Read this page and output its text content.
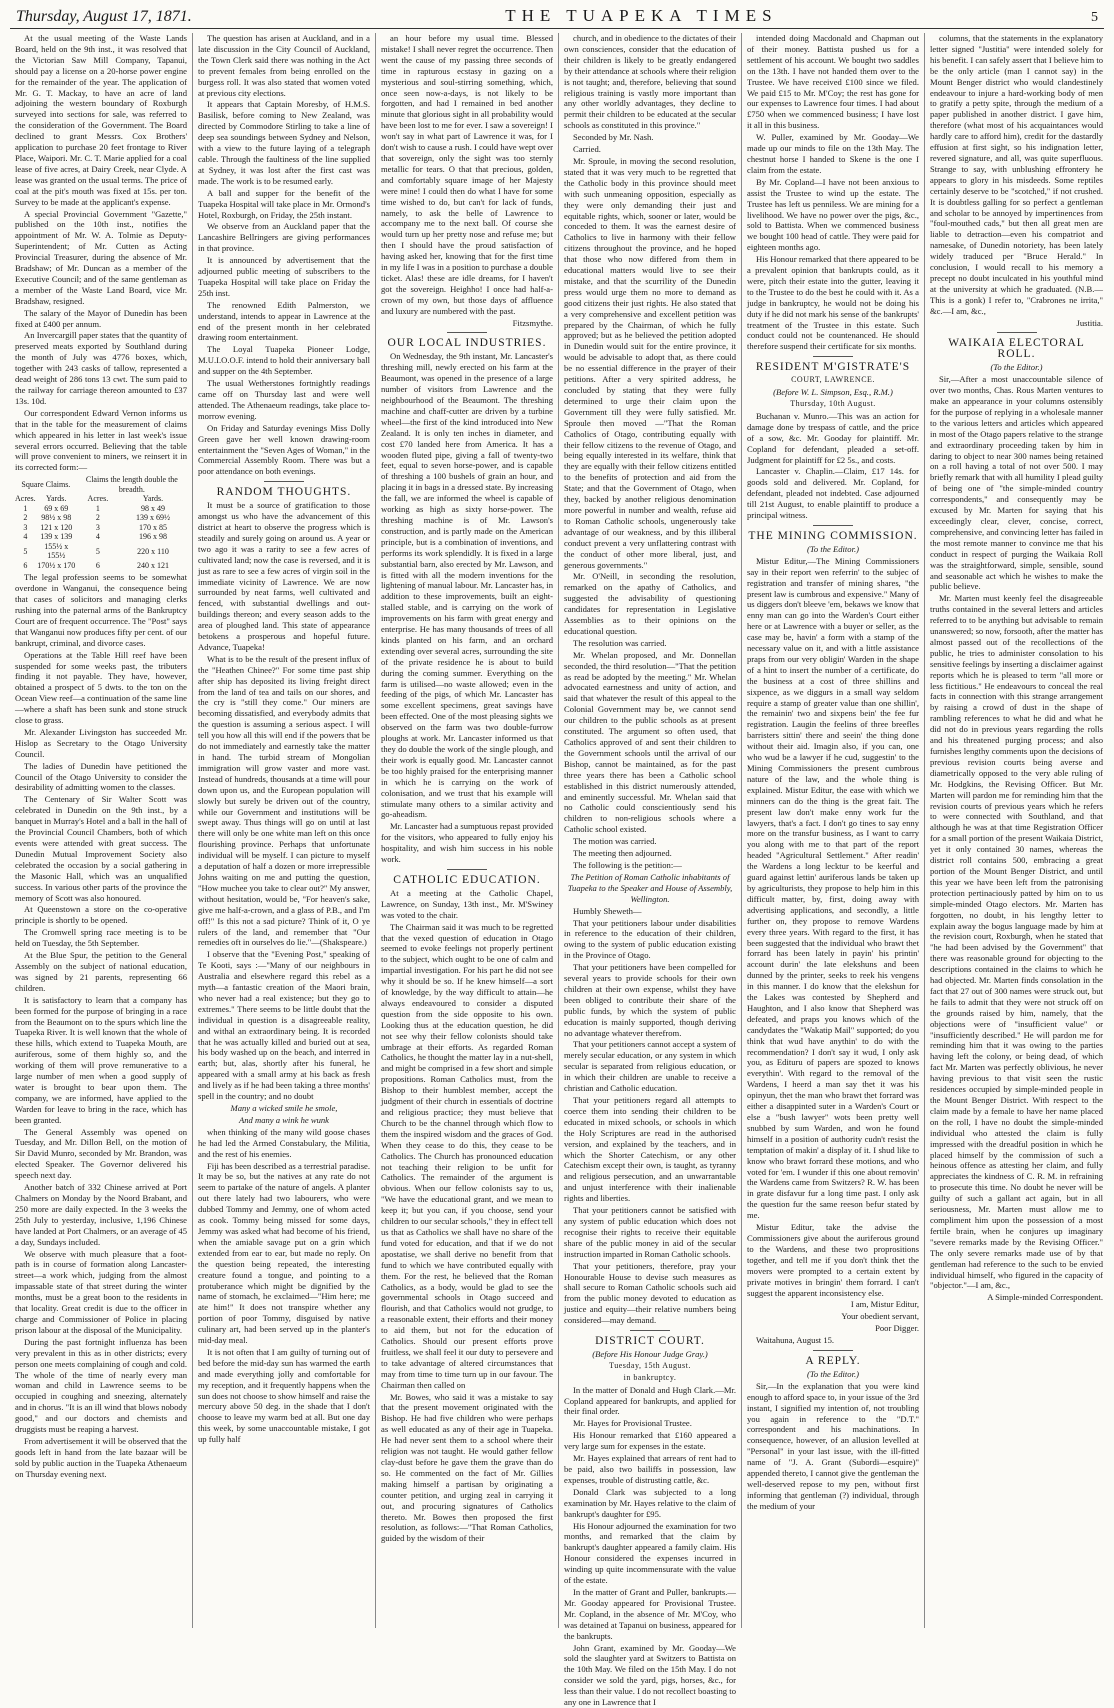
Thursday, August 17, 1871.	THE TUAPEKA TIMES	5

At the usual meeting of the Waste Lands Board, held on the 9th inst., it was resolved that the Victorian Saw Mill Company, Tapanui, should pay a license on a 20-horse power engine for the remainder of the year. The application of Mr. G. T. Mackay, to have an acre of land adjoining the western boundary of Roxburgh surveyed into sections for sale, was referred to the consideration of the Government. The Board declined to grant Messrs. Cox Brothers' application to purchase 20 feet frontage to River Place, Waipori. Mr. C. T. Marie applied for a coal lease of five acres, at Dairy Creek, near Clyde. A lease was granted on the usual terms. The price of coal at the pit's mouth was fixed at 15s. per ton. Survey to be made at the applicant's expense.

A special Provincial Government "Gazette," published on the 10th inst., notifies the appointment of Mr. W. A. Tolmie as Deputy-Superintendent; of Mr. Cutten as Acting Provincial Treasurer, during the absence of Mr. Bradshaw; of Mr. Duncan as a member of the Executive Council; and of the same gentleman as a member of the Waste Land Board, vice Mr. Bradshaw, resigned.

The salary of the Mayor of Dunedin has been fixed at £400 per annum.

An Invercargill paper states that the quantity of preserved meats exported by Southland during the month of July was 4776 boxes, which, together with 243 casks of tallow, represented a dead weight of 286 tons 13 cwt. The sum paid to the railway for carriage thereon amounted to £37 13s. 10d.

Our correspondent Edward Vernon informs us that in the table for the measurement of claims which appeared in his letter in last week's issue several errors occurred. Believing that the table will prove convenient to miners, we reinsert it in its corrected form:—

Square Claims.		Claims the length double the breadth.	
Acres.	Yards.	Acres.	Yards.
1	69 x 69	1	98 x 49
2	98½ x 98	2	139 x 69½
3	121 x 120	3	170 x 85
4	139 x 139	4	196 x 98
5	155½ x 155½	5	220 x 110
6	170½ x 170	6	240 x 121

The legal profession seems to be somewhat overdone in Wanganui, the consequence being that cases of solicitors and managing clerks rushing into the paternal arms of the Bankruptcy Court are of frequent occurrence. The "Post" says that Wanganui now produces fifty per cent. of our bankrupt, criminal, and divorce cases.

Operations at the Table Hill reef have been suspended for some weeks past, the tributers finding it not payable. They have, however, obtained a prospect of 5 dwts. to the ton on the Ocean View reef—a continuation of the same line—where a shaft has been sunk and stone struck close to grass.

Mr. Alexander Livingston has succeeded Mr. Hislop as Secretary to the Otago University Council.

The ladies of Dunedin have petitioned the Council of the Otago University to consider the desirability of admitting women to the classes.

The Centenary of Sir Walter Scott was celebrated in Dunedin on the 9th inst., by a banquet in Murray's Hotel and a ball in the hall of the Provincial Council Chambers, both of which events were attended with great success. The Dunedin Mutual Improvement Society also celebrated the occasion by a social gathering in the Masonic Hall, which was an unqualified success. In various other parts of the province the memory of Scott was also honoured.

At Queenstown a store on the co-operative principle is shortly to be opened.

The Cromwell spring race meeting is to be held on Tuesday, the 5th September.

At the Blue Spur, the petition to the General Assembly on the subject of national education, was signed by 21 parents, representing 66 children.

It is satisfactory to learn that a company has been formed for the purpose of bringing in a race from the Beaumont on to the spurs which line the Tuapeka River. It is well known that the whole of these hills, which extend to Tuapeka Mouth, are auriferous, some of them highly so, and the working of them will prove remunerative to a large number of men when a good supply of water is brought to bear upon them. The company, we are informed, have applied to the Warden for leave to bring in the race, which has been granted.

The General Assembly was opened on Tuesday, and Mr. Dillon Bell, on the motion of Sir David Munro, seconded by Mr. Brandon, was elected Speaker. The Governor delivered his speech next day.

Another batch of 332 Chinese arrived at Port Chalmers on Monday by the Noord Brabant, and 250 more are daily expected. In the 3 weeks the 25th July to yesterday, inclusive, 1,196 Chinese have landed at Port Chalmers, or an average of 45 a day, Sundays included.

We observe with much pleasure that a foot-path is in course of formation along Lancaster-street—a work which, judging from the almost impassable state of that street during the winter months, must be a great boon to the residents in that locality. Great credit is due to the officer in charge and Commissioner of Police in placing prison labour at the disposal of the Municipality.

During the past fortnight influenza has been very prevalent in this as in other districts; every person one meets complaining of cough and cold. The whole of the time of nearly every man woman and child in Lawrence seems to be occupied in coughing and sneezing, alternately and in chorus. "It is an ill wind that blows nobody good," and our doctors and chemists and druggists must be reaping a harvest.

From advertisement it will be observed that the goods left in hand from the late bazaar will be sold by public auction in the Tuapeka Athenaeum on Thursday evening next.

The question has arisen at Auckland, and in a late discussion in the City Council of Auckland, the Town Clerk said there was nothing in the Act to prevent females from being enrolled on the burgess roll. It was also stated that women voted at previous city elections.

It appears that Captain Moresby, of H.M.S. Basilisk, before coming to New Zealand, was directed by Commodore Stirling to take a line of deep sea soundings between Sydney and Nelson, with a view to the future laying of a telegraph cable. Through the faultiness of the line supplied at Sydney, it was lost after the first cast was made. The work is to be resumed early.

A ball and supper for the benefit of the Tuapeka Hospital will take place in Mr. Ormond's Hotel, Roxburgh, on Friday, the 25th instant.

We observe from an Auckland paper that the Lancashire Bellringers are giving performances in that province.

It is announced by advertisement that the adjourned public meeting of subscribers to the Tuapeka Hospital will take place on Friday the 25th inst.

The renowned Edith Palmerston, we understand, intends to appear in Lawrence at the end of the present month in her celebrated drawing room entertainment.

The Loyal Tuapeka Pioneer Lodge, M.U.I.O.O.F. intend to hold their anniversary ball and supper on the 4th September.

The usual Wetherstones fortnightly readings came off on Thursday last and were well attended. The Athenaeum readings, take place to-morrow evening.

On Friday and Saturday evenings Miss Dolly Green gave her well known drawing-room entertainment the "Seven Ages of Woman," in the Commercial Assembly Room. There was but a poor attendance on both evenings.

RANDOM THOUGHTS.

It must be a source of gratification to those amongst us who have the advancement of this district at heart to observe the progress which is steadily and surely going on around us. A year or two ago it was a rarity to see a few acres of cultivated land; now the case is reversed, and it is just as rare to see a few acres of virgin soil in the immediate vicinity of Lawrence. We are now surrounded by neat farms, well cultivated and fenced, with substantial dwellings and out-buildings thereon; and every season adds to the area of ploughed land. This state of appearance betokens a prosperous and hopeful future. Advance, Tuapeka!

What is to be the result of the present influx of the "Heathen Chinee?" For some time past ship after ship has deposited its living freight direct from the land of tea and tails on our shores, and the cry is "still they come." Our miners are becoming dissatisfied, and everybody admits that the question is assuming a serious aspect. I will tell you how all this will end if the powers that be do not immediately and earnestly take the matter in hand. The turbid stream of Mongolian immigration will grow vaster and more vast. Instead of hundreds, thousands at a time will pour down upon us, and the European population will slowly but surely be driven out of the country, while our Government and institutions will be swept away. Thus things will go on until at last there will only be one white man left on this once flourishing province. Perhaps that unfortunate individual will be myself. I can picture to myself a deputation of half a dozen or more irrepressible Johns waiting on me and putting the question, "How muchee you take to clear out?" My answer, without hesitation, would be, "For heaven's sake, give me half-a-crown, and a glass of P.B., and I'm off!" Is this not a sad picture? Think of it, O ye rulers of the land, and remember that "Our remedies oft in ourselves do lie."—(Shakspeare.)

I observe that the "Evening Post," speaking of Te Kooti, says :—"Many of our neighbours in Australia and elsewhere regard this rebel as a myth—a fantastic creation of the Maori brain, who never had a real existence; but they go to extremes." There seems to be little doubt that the individual in question is a disagreeable reality, and withal an extraordinary being. It is recorded that he was actually killed and buried out at sea, his body washed up on the beach, and interred in earth; but, alas, shortly after his funeral, he appeared with a small army at his back as fresh and lively as if he had been taking a three months' spell in the country; and no doubt

Many a wicked smile he smole,
And many a wink he wunk

when thinking of the many wild goose chases he had led the Armed Constabulary, the Militia, and the rest of his enemies.

Fiji has been described as a terrestrial paradise. It may be so, but the natives at any rate do not seem to partake of the nature of angels. A planter out there lately had two labourers, who were dubbed Tommy and Jemmy, one of whom acted as cook. Tommy being missed for some days, Jemmy was asked what had become of his friend, when the amiable savage put on a grin which extended from ear to ear, but made no reply. On the question being repeated, the interesting creature found a tongue, and pointing to a protuberance which might be dignified by the name of stomach, he exclaimed—"Him here; me ate him!" It does not transpire whether any portion of poor Tommy, disguised by native culinary art, had been served up in the planter's mid-day meal.

It is not often that I am guilty of turning out of bed before the mid-day sun has warmed the earth and made everything jolly and comfortable for my reception, and it frequently happens when the sun does not choose to show himself and raise the mercury above 50 deg. in the shade that I don't choose to leave my warm bed at all. But one day this week, by some unaccountable mistake, I got up fully half

an hour before my usual time. Blessed mistake! I shall never regret the occurrence. Then went the cause of my passing three seconds of time in rapturous ecstasy in gazing on a mysterious and soul-stirring something, which, once seen now-a-days, is not likely to be forgotten, and had I remained in bed another minute that glorious sight in all probability would have been lost to me for ever. I saw a sovereign! I won't say in what part of Lawrence it was, for I don't wish to cause a rush. I could have wept over that sovereign, only the sight was too sternly metallic for tears. O that that precious, golden, and comfortably square image of her Majesty were mine! I could then do what I have for some time wished to do, but can't for lack of funds, namely, to ask the belle of Lawrence to accompany me to the next ball. Of course she would turn up her pretty nose and refuse me; but then I should have the proud satisfaction of having asked her, knowing that for the first time in my life I was in a position to purchase a double ticket. Alas! these are idle dreams, for I haven't got the sovereign. Heighho! I once had half-a-crown of my own, but those days of affluence and luxury are numbered with the past.

Fitzsmythe.
OUR LOCAL INDUSTRIES.

On Wednesday, the 9th instant, Mr. Lancaster's threshing mill, newly erected on his farm at the Beaumont, was opened in the presence of a large number of visitors from Lawrence and the neighbourhood of the Beaumont. The threshing machine and chaff-cutter are driven by a turbine wheel—the first of the kind introduced into New Zealand. It is only ten inches in diameter, and cost £70 landed here from America. It has a wooden fluted pipe, giving a fall of twenty-two feet, equal to seven horse-power, and is capable of threshing a 100 bushels of grain an hour, and placing it in bags in a dressed state. By increasing the fall, we are informed the wheel is capable of working as high as sixty horse-power. The threshing machine is of Mr. Lawson's construction, and is partly made on the American principle, but is a combination of inventions, and performs its work splendidly. It is fixed in a large substantial barn, also erected by Mr. Lawson, and is fitted with all the modern inventions for the lightening of manual labour. Mr. Lancaster has, in addition to these improvements, built an eight-stalled stable, and is carrying on the work of improvements on his farm with great energy and enterprise. He has many thousands of trees of all kinds planted on his farm, and an orchard extending over several acres, surrounding the site of the private residence he is about to build during the coming summer. Everything on the farm is utilised—no waste allowed; even in the feeding of the pigs, of which Mr. Lancaster has some excellent specimens, great savings have been effected. One of the most pleasing sights we observed on the farm was two double-furrow ploughs at work. Mr. Lancaster informed us that they do double the work of the single plough, and their work is equally good. Mr. Lancaster cannot be too highly praised for the enterprising manner in which he is carrying on the work of colonisation, and we trust that his example will stimulate many others to a similar activity and go-aheadism.

Mr. Lancaster had a sumptuous repast provided for the visitors, who appeared to fully enjoy his hospitality, and wish him success in his noble work.

CATHOLIC EDUCATION.

At a meeting at the Catholic Chapel, Lawrence, on Sunday, 13th inst., Mr. M'Swiney was voted to the chair.

The Chairman said it was much to be regretted that the vexed question of education in Otago seemed to evoke feelings not properly pertinent to the subject, which ought to be one of calm and impartial investigation. For his part he did not see why it should be so. If he knew himself—a sort of knowledge, by the way difficult to attain—he always endeavoured to consider a disputed question from the side opposite to his own. Looking thus at the education question, he did not see why their fellow colonists should take umbrage at their efforts. As regarded Roman Catholics, he thought the matter lay in a nut-shell, and might be comprised in a few short and simple propositions. Roman Catholics must, from the Bishop to their humblest member, accept the judgment of their church in essentials of doctrine and religious practice; they must believe that Church to be the channel through which flow to them the inspired wisdom and the graces of God. When they cease to do this, they cease to be Catholics. The Church has pronounced education not teaching their religion to be unfit for Catholics. The remainder of the argument is obvious. When our fellow colonists say to us, "We have the educational grant, and we mean to keep it; but you can, if you choose, send your children to our secular schools," they in effect tell us that as Catholics we shall have no share of the fund voted for education, and that if we do not apostatise, we shall derive no benefit from that fund to which we have contributed equally with them. For the rest, he believed that the Roman Catholics, as a body, would be glad to see the governmental schools in Otago succeed and flourish, and that Catholics would not grudge, to a reasonable extent, their efforts and their money to aid them, but not for the education of Catholics. Should our present efforts prove fruitless, we shall feel it our duty to persevere and to take advantage of altered circumstances that may from time to time turn up in our favour. The Chairman then called on

Mr. Bowes, who said it was a mistake to say that the present movement originated with the Bishop. He had five children who were perhaps as well educated as any of their age in Tuapeka. He had never sent them to a school where their religion was not taught. He would gather fellow clay-dust before he gave them the grave than do so. He commented on the fact of Mr. Gillies making himself a partisan by originating a counter petition, and urging zeal in carrying it out, and procuring signatures of Catholics thereto. Mr. Bowes then proposed the first resolution, as follows:—"That Roman Catholics, guided by the wisdom of their

church, and in obedience to the dictates of their own consciences, consider that the education of their children is likely to be greatly endangered by their attendance at schools where their religion is not taught; and, therefore, believing that sound religious training is vastly more important than any other worldly advantages, they decline to permit their children to be educated at the secular schools as constituted in this province."

Seconded by Mr. Nash.

Carried.

Mr. Sproule, in moving the second resolution, stated that it was very much to be regretted that the Catholic body in this province should meet with such unmeaning opposition, especially as they were only demanding their just and equitable rights, which, sooner or later, would be conceded to them. It was the earnest desire of Catholics to live in harmony with their fellow citizens throughout the province, and he hoped that those who now differed from them in educational matters would live to see their mistake, and that the scurrility of the Dunedin press would urge them no more to demand as good citizens their just rights. He also stated that a very comprehensive and excellent petition was prepared by the Chairman, of which he fully approved; but as he believed the petition adopted in Dunedin would suit for the entire province, it would be advisable to adopt that, as there could be no essential difference in the prayer of their petitions. After a very spirited address, he concluded by stating that they were fully determined to urge their claim upon the Government till they were fully satisfied. Mr. Sproule then moved —"That the Roman Catholics of Otago, contributing equally with their fellow citizens to the revenue of Otago, and being equally interested in its welfare, think that they are equally with their fellow citizens entitled to the benefits of protection and aid from the State; and that the Government of Otago, when they, backed by another religious denomination more powerful in number and wealth, refuse aid to Roman Catholic schools, ungenerously take advantage of our weakness, and by this illiberal conduct prevent a very unflattering contrast with the conduct of other more liberal, just, and generous governments."

Mr. O'Neill, in seconding the resolution, remarked on the apathy of Catholics, and suggested the advisability of questioning candidates for representation in Legislative Assemblies as to their opinions on the educational question.

The resolution was carried.

Mr. Whelan proposed, and Mr. Donnellan seconded, the third resolution—"That the petition as read be adopted by the meeting." Mr. Whelan advocated earnestness and unity of action, and said that whatever the result of this appeal to the Colonial Government may be, we cannot send our children to the public schools as at present constituted. The argument so often used, that Catholics approved of and sent their children to the Government schools until the arrival of our Bishop, cannot be maintained, as for the past three years there has been a Catholic school established in this district numerously attended, and eminently successful. Mr. Whelan said that no Catholic could conscientiously send his children to non-religious schools where a Catholic school existed.

The motion was carried.

The meeting then adjourned.

The following is the petition:—

The Petition of Roman Catholic inhabitants of Tuapeka to the Speaker and House of Assembly, Wellington.

Humbly Sheweth—

That your petitioners labour under disabilities in reference to the education of their children, owing to the system of public education existing in the Province of Otago.

That your petitioners have been compelled for several years to provide schools for their own children at their own expense, whilst they have been obliged to contribute their share of the public funds, by which the system of public education is mainly supported, though deriving no advantage whatever therefrom.

That your petitioners cannot accept a system of merely secular education, or any system in which secular is separated from religious education, or in which their children are unable to receive a christian and Catholic education.

That your petitioners regard all attempts to coerce them into sending their children to be educated in mixed schools, or schools in which the Holy Scriptures are read in the authorised version, and explained by the teachers, and in which the Shorter Catechism, or any other Catechism except their own, is taught, as tyranny and religious persecution, and an unwarrantable and unjust interference with their inalienable rights and liberties.

That your petitioners cannot be satisfied with any system of public education which does not recognise their rights to receive their equitable share of the public money in aid of the secular instruction imparted in Roman Catholic schools.

That your petitioners, therefore, pray your Honourable House to devise such measures as shall secure to Roman Catholic schools such aid from the public money devoted to education as justice and equity—their relative numbers being considered—may demand.

DISTRICT COURT.
(Before His Honour Judge Gray.)
Tuesday, 15th August.
in bankruptcy.

In the matter of Donald and Hugh Clark.—Mr. Copland appeared for bankrupts, and applied for their final order.

Mr. Hayes for Provisional Trustee.

His Honour remarked that £160 appeared a very large sum for expenses in the estate.

Mr. Hayes explained that arrears of rent had to be paid, also two bailiffs in possession, law expenses, trouble of distrusting cattle, &c.

Donald Clark was subjected to a long examination by Mr. Hayes relative to the claim of bankrupt's daughter for £95.

His Honour adjourned the examination for two months, and remarked that the claim by bankrupt's daughter appeared a family claim. His Honour considered the expenses incurred in winding up quite incommensurate with the value of the estate.

In the matter of Grant and Puller, bankrupts.—Mr. Gooday appeared for Provisional Trustee. Mr. Copland, in the absence of Mr. M'Coy, who was detained at Tapanui on business, appeared for the bankrupts.

John Grant, examined by Mr. Gooday—We sold the slaughter yard at Switzers to Battista on the 10th May. We filed on the 15th May. I do not consider we sold the yard, pigs, horses, &c., for less than their value. I do not recollect boasting to any one in Lawrence that I

intended doing Macdonald and Chapman out of their money. Battista pushed us for a settlement of his account. We bought two saddles on the 13th. I have not handed them over to the Trustee. We have received £100 since we filed. We paid £15 to Mr. M'Coy; the rest has gone for our expenses to Lawrence four times. I had about £750 when we commenced business; I have lost it all in this business.

W. Puller, examined by Mr. Gooday—We made up our minds to file on the 13th May. The chestnut horse I handed to Skene is the one I claim from the estate.

By Mr. Copland—I have not been anxious to assist the Trustee to wind up the estate. The Trustee has left us penniless. We are mining for a livelihood. We have no power over the pigs, &c., sold to Battista. When we commenced business we bought 100 head of cattle. They were paid for eighteen months ago.

His Honour remarked that there appeared to be a prevalent opinion that bankrupts could, as it were, pitch their estate into the gutter, leaving it to the Trustee to do the best he could with it. As a judge in bankruptcy, he would not be doing his duty if he did not mark his sense of the bankrupts' treatment of the Trustee in this estate. Such conduct could not be countenanced. He should therefore suspend their certificate for six months.

RESIDENT M'GISTRATE'S
COURT, LAWRENCE.
(Before W. L. Simpson, Esq., R.M.)
Thursday, 10th August.

Buchanan v. Munro.—This was an action for damage done by trespass of cattle, and the price of a sow, &c. Mr. Gooday for plaintiff. Mr. Copland for defendant, pleaded a set-off. Judgment for plaintiff for £2 5s., and costs.

Lancaster v. Chaplin.—Claim, £17 14s. for goods sold and delivered. Mr. Copland, for defendant, pleaded not indebted. Case adjourned till 21st August, to enable plaintiff to produce a principal witness.

THE MINING COMMISSION.
(To the Editor.)

Mistur Editur,—The Mining Commissioners say in their report wen referrin' to the subjec of registration and transfer of mining shares, "the present law is cumbrous and expensive." Many of us diggers don't bleeve 'em, bekaws we know that enny man can go into the Warden's Court either here or at Lawrence with a buyer or seller, as the case may be, havin' a form with a stamp of the necessary value on it, and with a little assistance praps from our very obligin' Warden in the shape of a hint to insert the number of a certificate, do the business at a cost of three shillins and sixpence, as we diggurs in a small way seldom require a stamp of greater value than one shillin', the remainin' two and sixpens bein' the fee fur registration. Laugin the feelins of three breefles barristers sittin' there and seein' the thing done without their aid. Imagin also, if you can, one who wud be a lawyer if he cud, suggestin' to the Mining Commissioners the present cumbrous nature of the law, and the whole thing is explained. Mistur Editur, the ease with which we minners can do the thing is the great fait. The present law don't make enny work fur the lawyers, that's a fact. I don't go tines to say enny more on the transfur business, as I want to carry you along with me to that part of the report headed "Agricultural Settlement." After readin' the Wardens a long lecktur to be keerful and guard against lettin' auriferous lands be taken up by agriculturists, they propose to help him in this difficult matter, by, first, doing away with advertising applications, and secondly, a little further on, they propose to remove Wardens every three years. With regard to the first, it has been suggested that the individual who brawt thet forrard has been lately in payin' his printin' account durin' the late elekshuns and been dunned by the printer, seeks to reek his vengens in this manner. I do know that the elekshun for the Lakes was contested by Shepherd and Haughton, and I also know that Shepherd was defeated, and praps you knows which of the candydates the "Wakatip Mail" supported; do you think that wud have anythin' to do with the recommendation? I don't say it wud, I only ask you, as Edituru of papers are spozed to knows everythin'. With regard to the removal of the Wardens, I heerd a man say thet it was his opinyun, thet the man who brawt thet forrard was either a disappinted suter in a Warden's Court or else a "bush lawyer" wots been pretty well snubbed by sum Warden, and won he found himself in a position of authority cudn't resist the temptation of makin' a display of it. I shud like to know who brawt forrard these motions, and who voted for 'em. I wunder if this one about removin' the Wardens came from Switzers? R. W. has been in grate disfavur fur a long time past. I only ask the question fur the same reeson befur stated by me.

Mistur Editur, take the advise the Commissioners give about the auriferous ground to the Wardens, and these two proprositions together, and tell me if you don't think thet the movers were prompted to a certain extent by private motives in bringin' them forrard. I can't suggest the apparent inconsistency else.

I am, Mistur Editur,
Your obedient servant,
Poor Digger.

Waitahuna, August 15.

A REPLY.
(To the Editor.)

Sir,—In the explanation that you were kind enough to afford space to, in your issue of the 3rd instant, I signified my intention of, not troubling you again in reference to the "D.T." correspondent and his machinations. In consequence, however, of an allusion levelled at "Personal" in your last issue, with the ill-fitted name of "J. A. Grant (Subordi—esquire)" appended thereto, I cannot give the gentleman the well-deserved repose to my pen, without first informing that gentleman (?) individual, through the medium of your

columns, that the statements in the explanatory letter signed "Justitia" were intended solely for his benefit. I can safely assert that I believe him to be the only article (man I cannot say) in the Mount Benger district who would clandestinely endeavour to injure a hard-working body of men to gratify a petty spite, through the medium of a paper published in another district. I gave him, therefore (what most of his acquaintances would hardly care to afford him), credit for the dastardly effusion at first sight, so his indignation letter, revered signature, and all, was quite superfluous. Strange to say, with unblushing effrontery he appears to glory in his misdeeds. Some reptiles certainly deserve to be "scotched," if not crushed. It is doubtless galling for so perfect a gentleman and scholar to be annoyed by impertinences from "foul-mouthed cads," but then all great men are liable to detraction—even his compatriot and namesake, of Dunedin notoriety, has been lately widely traduced per "Bruce Herald." In conclusion, I would recall to his memory a precept no doubt inculcated in his youthful mind at the university at which he graduated. (N.B.—This is a gonk) I refer to, "Crabrones ne irrita," &c.—I am, &c.,

Justitia.
WAIKAIA ELECTORAL ROLL.
(To the Editor.)

Sir,—After a most unaccountable silence of over two months, Chas. Rous Marten ventures to make an appearance in your columns ostensibly for the purpose of replying in a wholesale manner to the various letters and articles which appeared in most of the Otago papers relative to the strange and extraordinary proceeding taken by him in daring to object to near 300 names being retained on a roll having a total of not over 500. I may briefly remark that with all humility I plead guilty of being one of "the simple-minded country correspondents," and consequently may be excused by Mr. Marten for saying that his exceedingly clear, clever, concise, correct, comprehensive, and convincing letter has failed in the most remote manner to convince me that his conduct in respect of purging the Waikaia Roll was the straightforward, simple, sensible, sound and seasonable act which he wishes to make the public believe.

Mr. Marten must keenly feel the disagreeable truths contained in the several letters and articles referred to to be anything but advisable to remain unanswered; so now, forsooth, after the matter has almost passed out of the recollections of the public, he tries to administer consolation to his sensitive feelings by inserting a disclaimer against reports which he is pleased to term "all more or less fictitious." He endeavours to conceal the real facts in connection with this strange arrangement by raising a crowd of dust in the shape of rambling references to what he did and what he did not do in previous years regarding the rolls and his threatened purging process; and also furnishes lengthy comments upon the decisions of previous revision courts being averse and diametrically opposed to the very able ruling of Mr. Hodgkins, the Revising Officer. But Mr. Marten will pardon me for reminding him that the revision courts of previous years which he refers to were connected with Southland, and that although he was at that time Registration Officer for a small portion of the present Waikaia District, yet it only contained 30 names, whereas the district roll contains 500, embracing a great portion of the Mount Benger District, and until this year we have been left from the patronising protection pertinaciously patted by him on to us simple-minded Otago electors. Mr. Marten has forgotten, no doubt, in his lengthy letter to explain away the bogus language made by him at the revision court, Roxburgh, when he stated that "he had been advised by the Government" that there was reasonable ground for objecting to the descriptions contained in the claims to which he had objected. Mr. Marten finds consolation in the fact that 27 out of 300 names were struck out, but he fails to admit that they were not struck off on the grounds raised by him, namely, that the objections were of "insufficient value" or "insufficiently described." He will pardon me for reminding him that it was owing to the parties having left the colony, or being dead, of which fact Mr. Marten was perfectly oblivious, he never having previous to that visit seen the rustic residences occupied by simple-minded people in the Mount Benger District. With respect to the claim made by a female to have her name placed on the roll, I have no doubt the simple-minded individual who attested the claim is fully impressed with the dreadful position in which he placed himself by the commission of such a heinous offence as attesting her claim, and fully appreciates the kindness of C. R. M. in refraining to prosecute this time. No doubt he never will be guilty of such a gallant act again, but in all seriousness, Mr. Marten must allow me to compliment him upon the possession of a most fertile brain, when he conjures up imaginary "severe remarks made by the Revising Officer." The only severe remarks made use of by that gentleman had reference to the such to be envied individual himself, who figured in the capacity of "objector."—I am, &c.,

A Simple-minded Correspondent.
